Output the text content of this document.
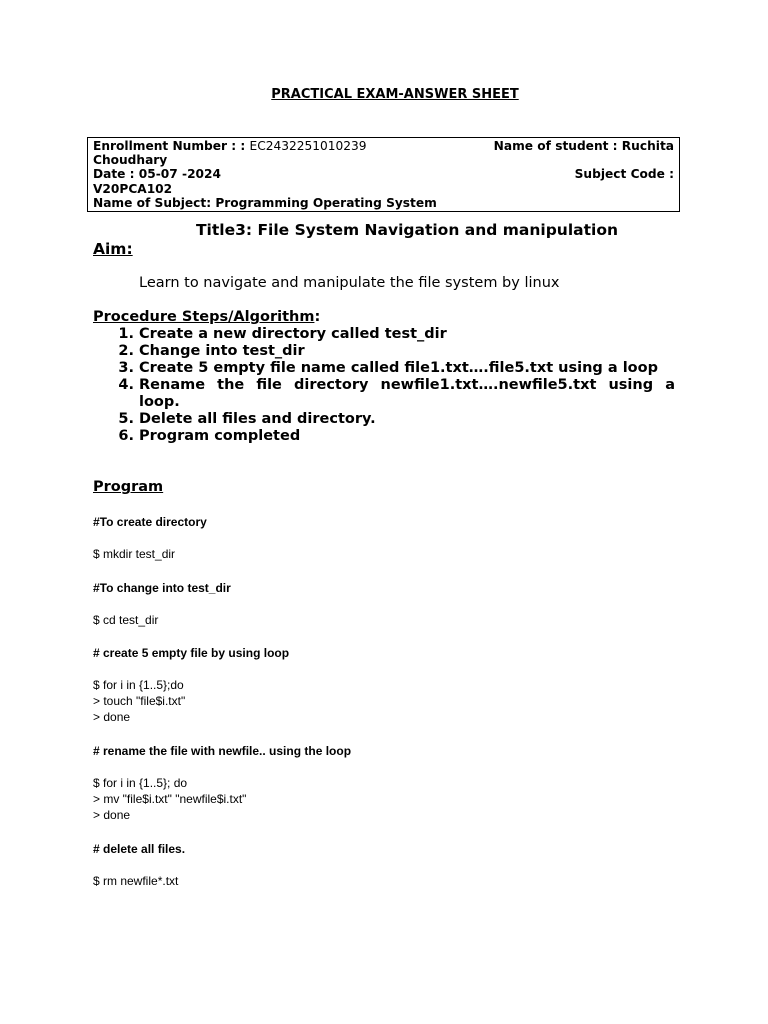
PRACTICAL EXAM-ANSWER SHEET
Enrollment Number : : EC2432251010239	Name of student : Ruchita
Choudhary
Date : 05-07 -2024	Subject Code :
V20PCA102
Name of Subject: Programming Operating System
Title3: File System Navigation and manipulation
Aim:
Learn to navigate and manipulate the file system by linux
Procedure Steps/Algorithm:
1. Create a new directory called test_dir
2. Change into test_dir
3. Create 5 empty file name called file1.txt….file5.txt using a loop
4. Rename the file directory newfile1.txt….newfile5.txt using a loop.
5. Delete all files and directory.
6. Program completed
Program
#To create directory
$ mkdir test_dir
#To change into test_dir
$ cd test_dir
# create 5 empty file by using loop
$ for i in {1..5};do
> touch "file$i.txt"
> done
# rename the file with newfile.. using the loop
$ for i in {1..5}; do
> mv "file$i.txt" "newfile$i.txt"
> done
# delete all files.
$ rm newfile*.txt
